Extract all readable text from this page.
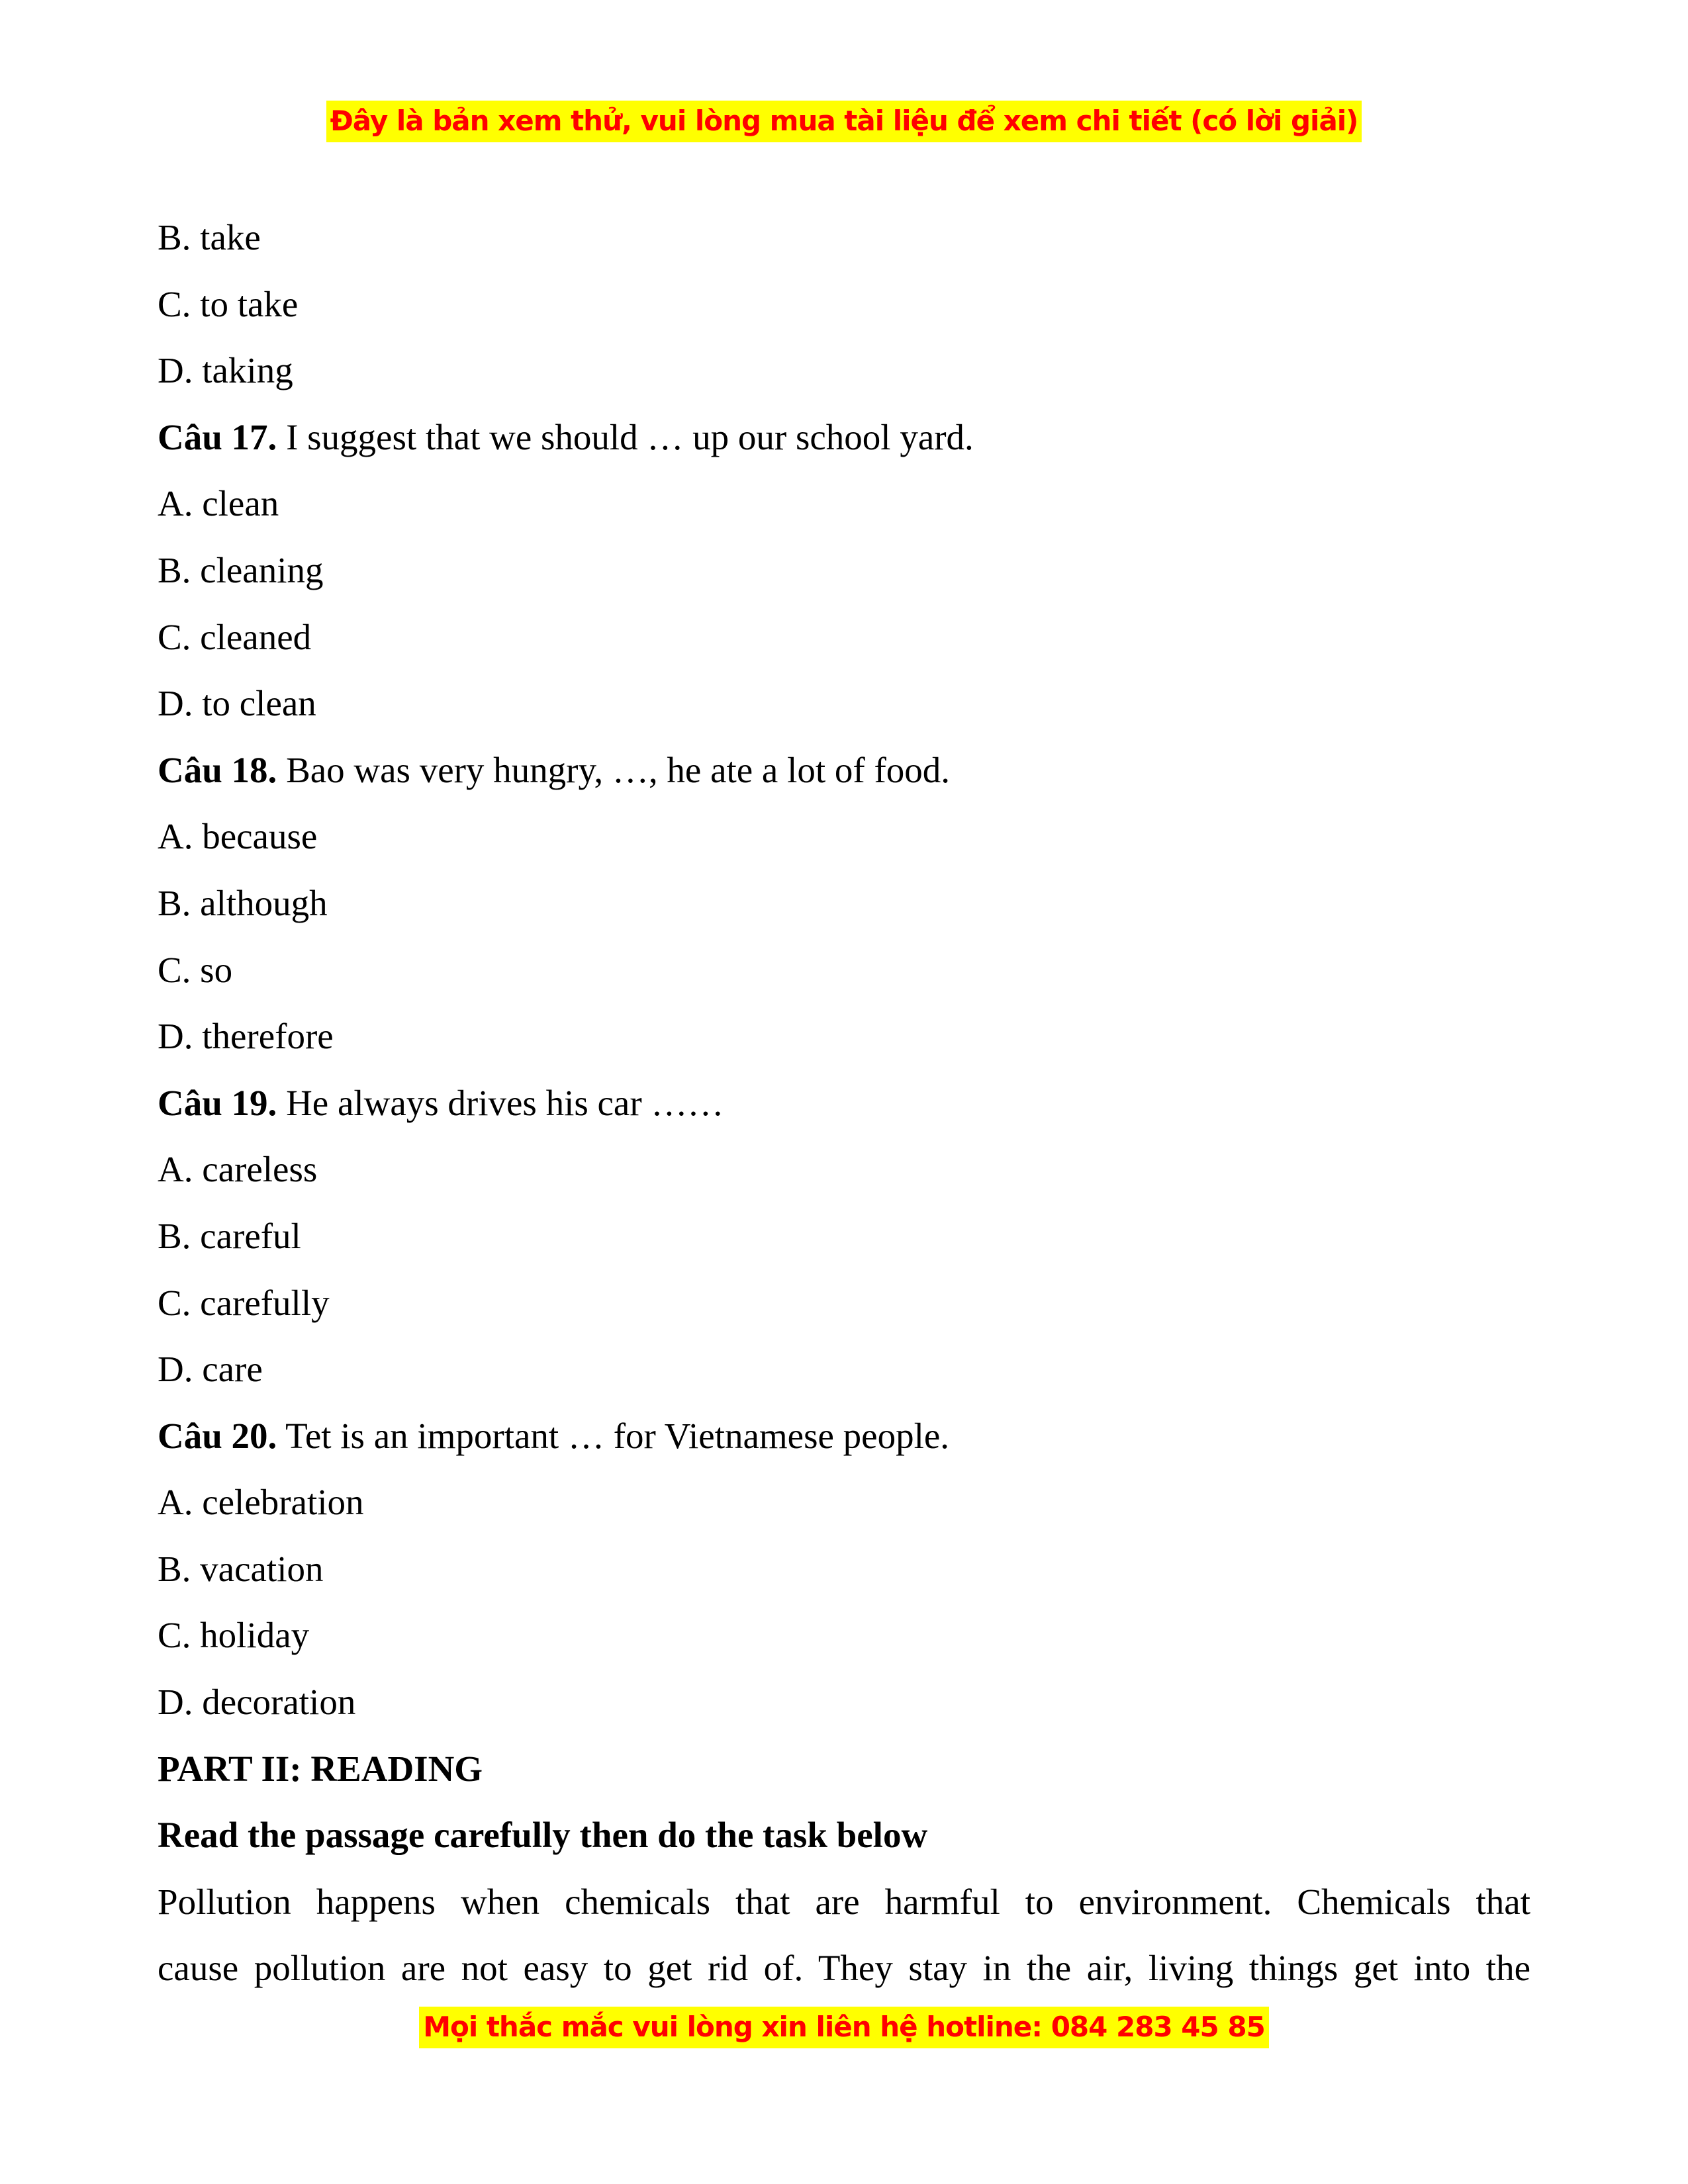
Đây là bản xem thử, vui lòng mua tài liệu để xem chi tiết (có lời giải)
B. take
C. to take
D. taking
Câu 17. I suggest that we should … up our school yard.
A. clean
B. cleaning
C. cleaned
D. to clean
Câu 18. Bao was very hungry, …, he ate a lot of food.
A. because
B. although
C. so
D. therefore
Câu 19. He always drives his car ……
A. careless
B. careful
C. carefully
D. care
Câu 20. Tet is an important … for Vietnamese people.
A. celebration
B. vacation
C. holiday
D. decoration
PART II: READING
Read the passage carefully then do the task below
Pollution happens when chemicals that are harmful to environment. Chemicals that
cause pollution are not easy to get rid of. They stay in the air, living things get into the
Mọi thắc mắc vui lòng xin liên hệ hotline: 084 283 45 85
